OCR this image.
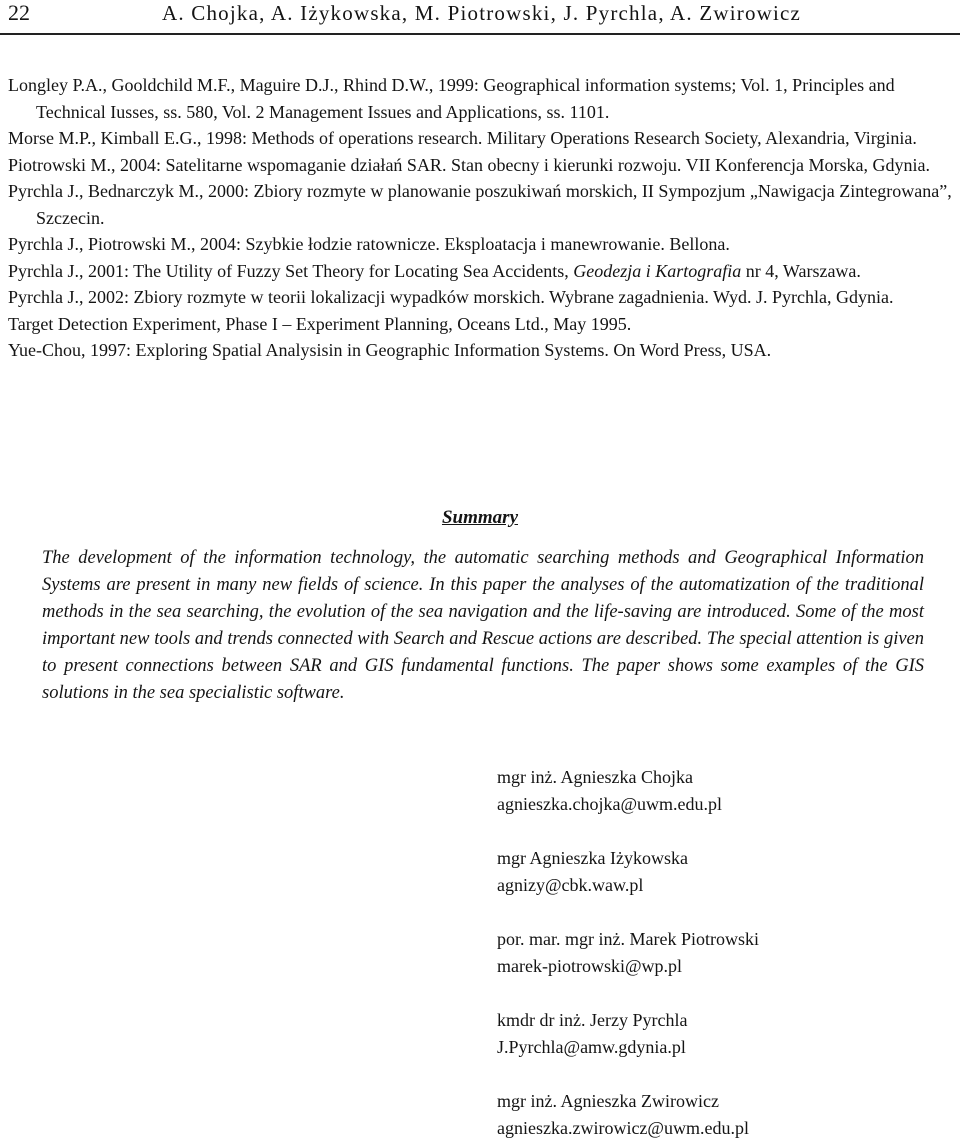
22	A. Chojka, A. Iżykowska, M. Piotrowski, J. Pyrchla, A. Zwirowicz
Longley P.A., Gooldchild M.F., Maguire D.J., Rhind D.W., 1999: Geographical information systems; Vol. 1, Principles and Technical Iusses, ss. 580, Vol. 2 Management Issues and Applications, ss. 1101.
Morse M.P., Kimball E.G., 1998: Methods of operations research. Military Operations Research Society, Alexandria, Virginia.
Piotrowski M., 2004: Satelitarne wspomaganie działań SAR. Stan obecny i kierunki rozwoju. VII Konferencja Morska, Gdynia.
Pyrchla J., Bednarczyk M., 2000: Zbiory rozmyte w planowanie poszukiwań morskich, II Sympozjum „Nawigacja Zintegrowana”, Szczecin.
Pyrchla J., Piotrowski M., 2004: Szybkie łodzie ratownicze. Eksploatacja i manewrowanie. Bellona.
Pyrchla J., 2001: The Utility of Fuzzy Set Theory for Locating Sea Accidents, Geodezja i Kartografia nr 4, Warszawa.
Pyrchla J., 2002: Zbiory rozmyte w teorii lokalizacji wypadków morskich. Wybrane zagadnienia. Wyd. J. Pyrchla, Gdynia.
Target Detection Experiment, Phase I – Experiment Planning, Oceans Ltd., May 1995.
Yue-Chou, 1997: Exploring Spatial Analysisin in Geographic Information Systems. On Word Press, USA.
Summary
The development of the information technology, the automatic searching methods and Geographical Information Systems are present in many new fields of science. In this paper the analyses of the automatization of the traditional methods in the sea searching, the evolution of the sea navigation and the life-saving are introduced. Some of the most important new tools and trends connected with Search and Rescue actions are described. The special attention is given to present connections between SAR and GIS fundamental functions. The paper shows some examples of the GIS solutions in the sea specialistic software.
mgr inż. Agnieszka Chojka
agnieszka.chojka@uwm.edu.pl
mgr Agnieszka Iżykowska
agnizy@cbk.waw.pl
por. mar. mgr inż. Marek Piotrowski
marek-piotrowski@wp.pl
kmdr dr inż. Jerzy Pyrchla
J.Pyrchla@amw.gdynia.pl
mgr inż. Agnieszka Zwirowicz
agnieszka.zwirowicz@uwm.edu.pl
